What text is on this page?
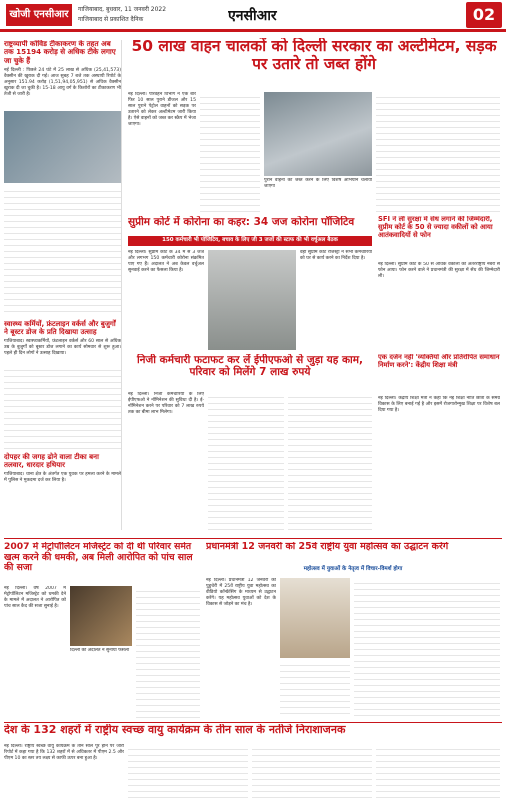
खोजी एनसीआर	गाजियाबाद, बुधवार, 11 जनवरी 2022
गाजियाबाद से प्रकाशित दैनिक	एनसीआर	02
राष्ट्रव्यापी कोविड टीकाकरण के तहत अब तक 15194 करोड़ से अधिक टीके लगाए जा चुके हैं
नई दिल्ली : पिछले 24 घंटे में 25 लाख से अधिक (25,41,573) वैक्सीन की खुराक दी गई। आज सुबह 7 बजे तक अस्थायी रिपोर्ट के अनुसार 151.94 करोड़ (1,51,94,05,951) से अधिक वैक्सीन खुराक दी जा चुकी है। 15-18 आयु वर्ग के किशोरों का टीकाकरण भी तेजी से जारी है।
स्वास्थ्य कर्मियों, फ्रंटलाइन वर्कर्स और बुजुर्गों ने बूस्टर डोज के प्रति दिखाया उत्साह
गाजियाबाद। स्वास्थ्यकर्मियों, फ्रंटलाइन वर्कर्स और 60 साल से अधिक उम्र के बुजुर्गों को बूस्टर डोज लगाने का कार्य सोमवार से शुरू हुआ। पहले ही दिन लोगों ने उत्साह दिखाया।
दोपहर की जगह ढोने वाला टीका बना तलवार, धारदार हथियार
गाजियाबाद। थाना क्षेत्र के अंतर्गत एक युवक पर हमला करने के मामले में पुलिस ने मुकदमा दर्ज कर लिया है।
50 लाख वाहन चालकों को दिल्ली सरकार का अल्टीमेटम, सड़क पर उतारे तो जब्त होंगे
नई दिल्ली। परिवहन विभाग ने एक बार फिर 10 साल पुराने डीजल और 15 साल पुराने पेट्रोल वाहनों को सड़क पर उतारने को लेकर अल्टीमेटम जारी किया है। ऐसे वाहनों को जब्त कर स्क्रैप में भेजा जाएगा।
पुराने वाहनों को जब्त करने के लिए विशेष अभियान चलाया जाएगा
सुप्रीम कोर्ट में कोरोना का कहर: 34 जज कोरोना पॉजिटिव
150 कर्मचारी भी पॉजिटिव, बचाव के लिए जी 3 जजों की स्टाफ की भी वर्चुअल बैठक
नई दिल्ली। सुप्रीम कोर्ट के 34 में से 3 जज और लगभग 150 कर्मचारी कोरोना संक्रमित पाए गए हैं। अदालत ने अब केवल वर्चुअल सुनवाई करने का फैसला किया है।
वहीं सुप्रीम कोर्ट रजिस्ट्री ने सभी कर्मचारियों को घर से कार्य करने का निर्देश दिया है।
SFI ने ली सुरक्षा में सेंध लगाने की जिम्मेदारी, सुप्रीम कोर्ट के 50 से ज्यादा वकीलों को आया आतंकवादियों से फोन
नई दिल्ली। सुप्रीम कोर्ट के 50 से अधिक वकीलों को अंतरराष्ट्रीय नंबरों से फोन आया। फोन करने वाले ने प्रधानमंत्री की सुरक्षा में सेंध की जिम्मेदारी ली।
निजी कर्मचारी फटाफट कर लें ईपीएफओ से जुड़ा यह काम, परिवार को मिलेंगे 7 लाख रुपये
नई दिल्ली। निजी कर्मचारियों के लिए ईपीएफओ ने नॉमिनेशन की सुविधा दी है। ई-नॉमिनेशन करने पर परिवार को 7 लाख रुपये तक का बीमा लाभ मिलेगा।
एक दर्जन नहीं 'व्यक्तियों और प्रतिरोपित समाधान निर्माण करने': केंद्रीय शिक्षा मंत्री
नई दिल्ली। केंद्रीय शिक्षा मंत्री ने कहा कि नई शिक्षा नीति छात्रों के समग्र विकास के लिए बनाई गई है और इसमें रोजगारोन्मुख शिक्षा पर विशेष बल दिया गया है।
2007 में मेट्रोपॉलिटन मजिस्ट्रेट को दी थी परिवार समेत खत्म करने की धमकी, अब मिली आरोपित को पांच साल की सजा
नई दिल्ली। वर्ष 2007 में मेट्रोपॉलिटन मजिस्ट्रेट को धमकी देने के मामले में अदालत ने आरोपित को पांच साल कैद की सजा सुनाई है।
दिल्ली की अदालत ने सुनाया फैसला
प्रधानमंत्री 12 जनवरी को 25वें राष्ट्रीय युवा महोत्सव का उद्घाटन करेंगे
महोत्सव में युवाओं के नेतृत्व में विचार-विमर्श होगा
नई दिल्ली। प्रधानमंत्री 12 जनवरी को पुडुचेरी में 25वें राष्ट्रीय युवा महोत्सव का वीडियो कॉन्फ्रेंसिंग के माध्यम से उद्घाटन करेंगे। यह महोत्सव युवाओं को देश के विकास से जोड़ने का मंच है।
देश के 132 शहरों में राष्ट्रीय स्वच्छ वायु कार्यक्रम के तीन साल के नतीजे निराशाजनक
नई दिल्ली। राष्ट्रीय स्वच्छ वायु कार्यक्रम के तीन साल पूरे होने पर जारी रिपोर्ट में कहा गया है कि 132 शहरों में से अधिकतर में पीएम 2.5 और पीएम 10 का स्तर तय लक्ष्य से काफी ऊपर बना हुआ है।
